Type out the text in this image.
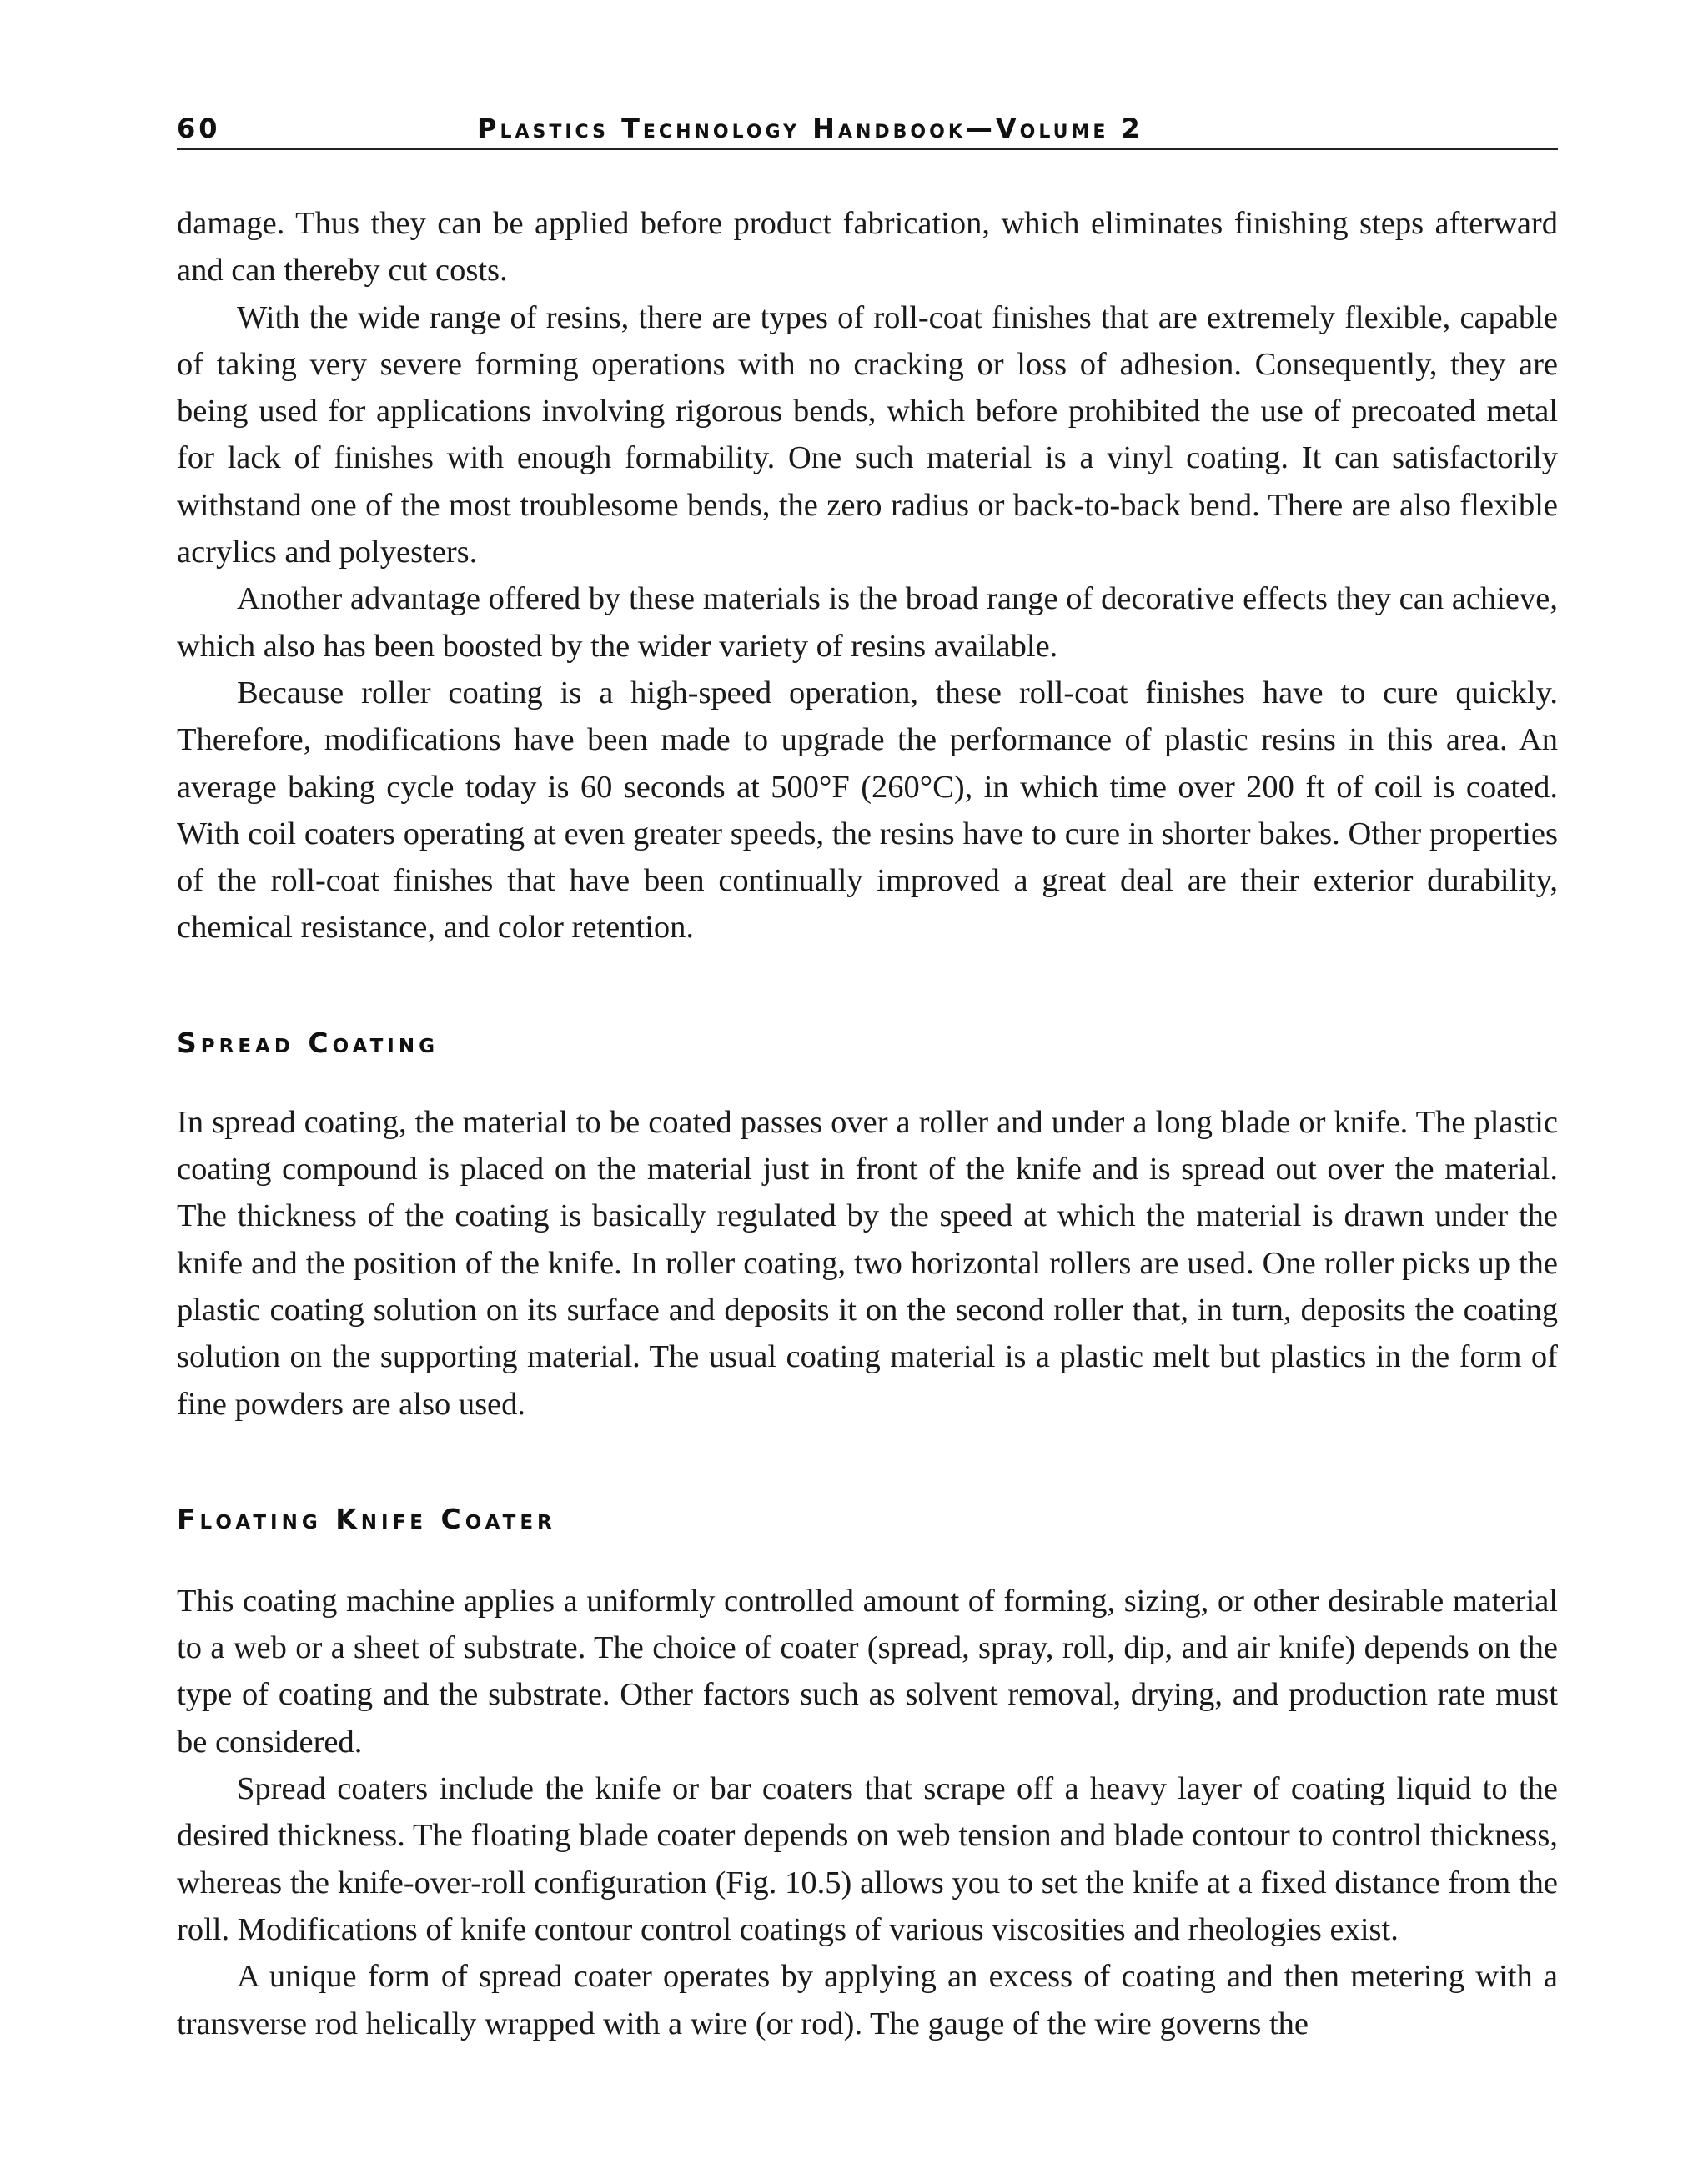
60	Plastics Technology Handbook—Volume 2

damage. Thus they can be applied before product fabrication, which eliminates finishing steps afterward and can thereby cut costs.

With the wide range of resins, there are types of roll-coat finishes that are extremely flexible, capable of taking very severe forming operations with no cracking or loss of adhesion. Consequently, they are being used for applications involving rigorous bends, which before prohibited the use of precoated metal for lack of finishes with enough formability. One such material is a vinyl coating. It can satisfactorily withstand one of the most troublesome bends, the zero radius or back-to-back bend. There are also flexible acrylics and polyesters.

Another advantage offered by these materials is the broad range of decorative effects they can achieve, which also has been boosted by the wider variety of resins available.

Because roller coating is a high-speed operation, these roll-coat finishes have to cure quickly. Therefore, modifications have been made to upgrade the performance of plastic resins in this area. An average baking cycle today is 60 seconds at 500°F (260°C), in which time over 200 ft of coil is coated. With coil coaters operating at even greater speeds, the resins have to cure in shorter bakes. Other properties of the roll-coat finishes that have been continually improved a great deal are their exterior durability, chemical resistance, and color retention.

Spread Coating

In spread coating, the material to be coated passes over a roller and under a long blade or knife. The plastic coating compound is placed on the material just in front of the knife and is spread out over the material. The thickness of the coating is basically regulated by the speed at which the material is drawn under the knife and the position of the knife. In roller coating, two horizontal rollers are used. One roller picks up the plastic coating solution on its surface and deposits it on the second roller that, in turn, deposits the coating solution on the supporting material. The usual coating material is a plastic melt but plastics in the form of fine powders are also used.

Floating Knife Coater

This coating machine applies a uniformly controlled amount of forming, sizing, or other desirable material to a web or a sheet of substrate. The choice of coater (spread, spray, roll, dip, and air knife) depends on the type of coating and the substrate. Other factors such as solvent removal, drying, and production rate must be considered.

Spread coaters include the knife or bar coaters that scrape off a heavy layer of coating liquid to the desired thickness. The floating blade coater depends on web tension and blade contour to control thickness, whereas the knife-over-roll configuration (Fig. 10.5) allows you to set the knife at a fixed distance from the roll. Modifications of knife contour control coatings of various viscosities and rheologies exist.

A unique form of spread coater operates by applying an excess of coating and then metering with a transverse rod helically wrapped with a wire (or rod). The gauge of the wire governs the
